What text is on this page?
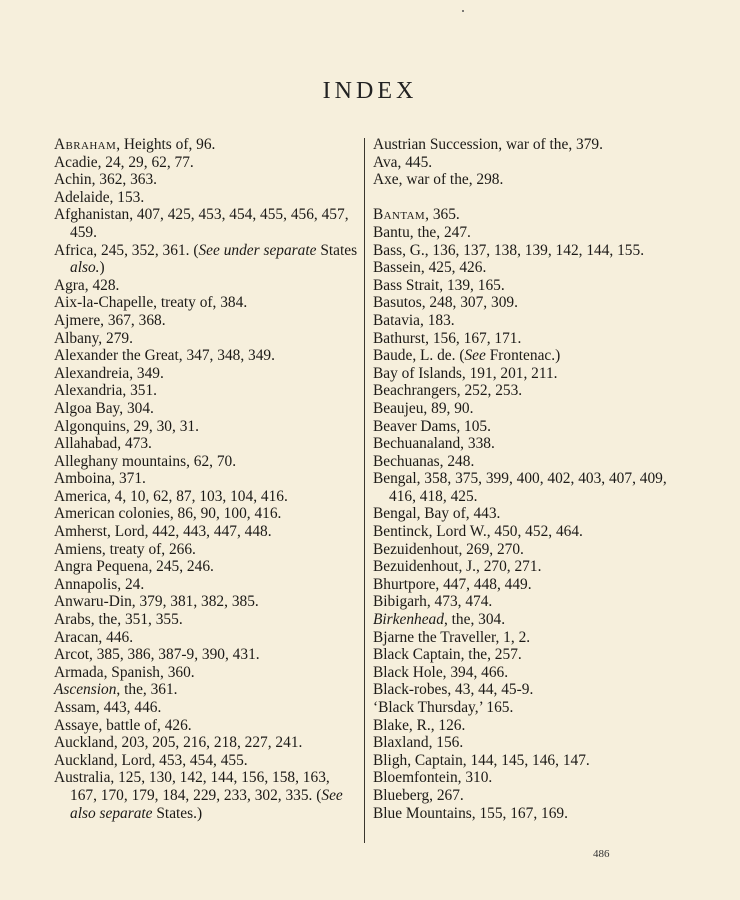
INDEX
Abraham, Heights of, 96.
Acadie, 24, 29, 62, 77.
Achin, 362, 363.
Adelaide, 153.
Afghanistan, 407, 425, 453, 454, 455, 456, 457, 459.
Africa, 245, 352, 361. (See under separate States also.)
Agra, 428.
Aix-la-Chapelle, treaty of, 384.
Ajmere, 367, 368.
Albany, 279.
Alexander the Great, 347, 348, 349.
Alexandreia, 349.
Alexandria, 351.
Algoa Bay, 304.
Algonquins, 29, 30, 31.
Allahabad, 473.
Alleghany mountains, 62, 70.
Amboina, 371.
America, 4, 10, 62, 87, 103, 104, 416.
American colonies, 86, 90, 100, 416.
Amherst, Lord, 442, 443, 447, 448.
Amiens, treaty of, 266.
Angra Pequena, 245, 246.
Annapolis, 24.
Anwaru-Din, 379, 381, 382, 385.
Arabs, the, 351, 355.
Aracan, 446.
Arcot, 385, 386, 387-9, 390, 431.
Armada, Spanish, 360.
Ascension, the, 361.
Assam, 443, 446.
Assaye, battle of, 426.
Auckland, 203, 205, 216, 218, 227, 241.
Auckland, Lord, 453, 454, 455.
Australia, 125, 130, 142, 144, 156, 158, 163, 167, 170, 179, 184, 229, 233, 302, 335. (See also separate States.)
Austrian Succession, war of the, 379.
Ava, 445.
Axe, war of the, 298.
Bantam, 365.
Bantu, the, 247.
Bass, G., 136, 137, 138, 139, 142, 144, 155.
Bassein, 425, 426.
Bass Strait, 139, 165.
Basutos, 248, 307, 309.
Batavia, 183.
Bathurst, 156, 167, 171.
Baude, L. de. (See Frontenac.)
Bay of Islands, 191, 201, 211.
Beachrangers, 252, 253.
Beaujeu, 89, 90.
Beaver Dams, 105.
Bechuanaland, 338.
Bechuanas, 248.
Bengal, 358, 375, 399, 400, 402, 403, 407, 409, 416, 418, 425.
Bengal, Bay of, 443.
Bentinck, Lord W., 450, 452, 464.
Bezuidenhout, 269, 270.
Bezuidenhout, J., 270, 271.
Bhurtpore, 447, 448, 449.
Bibigarh, 473, 474.
Birkenhead, the, 304.
Bjarne the Traveller, 1, 2.
Black Captain, the, 257.
Black Hole, 394, 466.
Black-robes, 43, 44, 45-9.
‘Black Thursday,’ 165.
Blake, R., 126.
Blaxland, 156.
Bligh, Captain, 144, 145, 146, 147.
Bloemfontein, 310.
Blueberg, 267.
Blue Mountains, 155, 167, 169.
486
